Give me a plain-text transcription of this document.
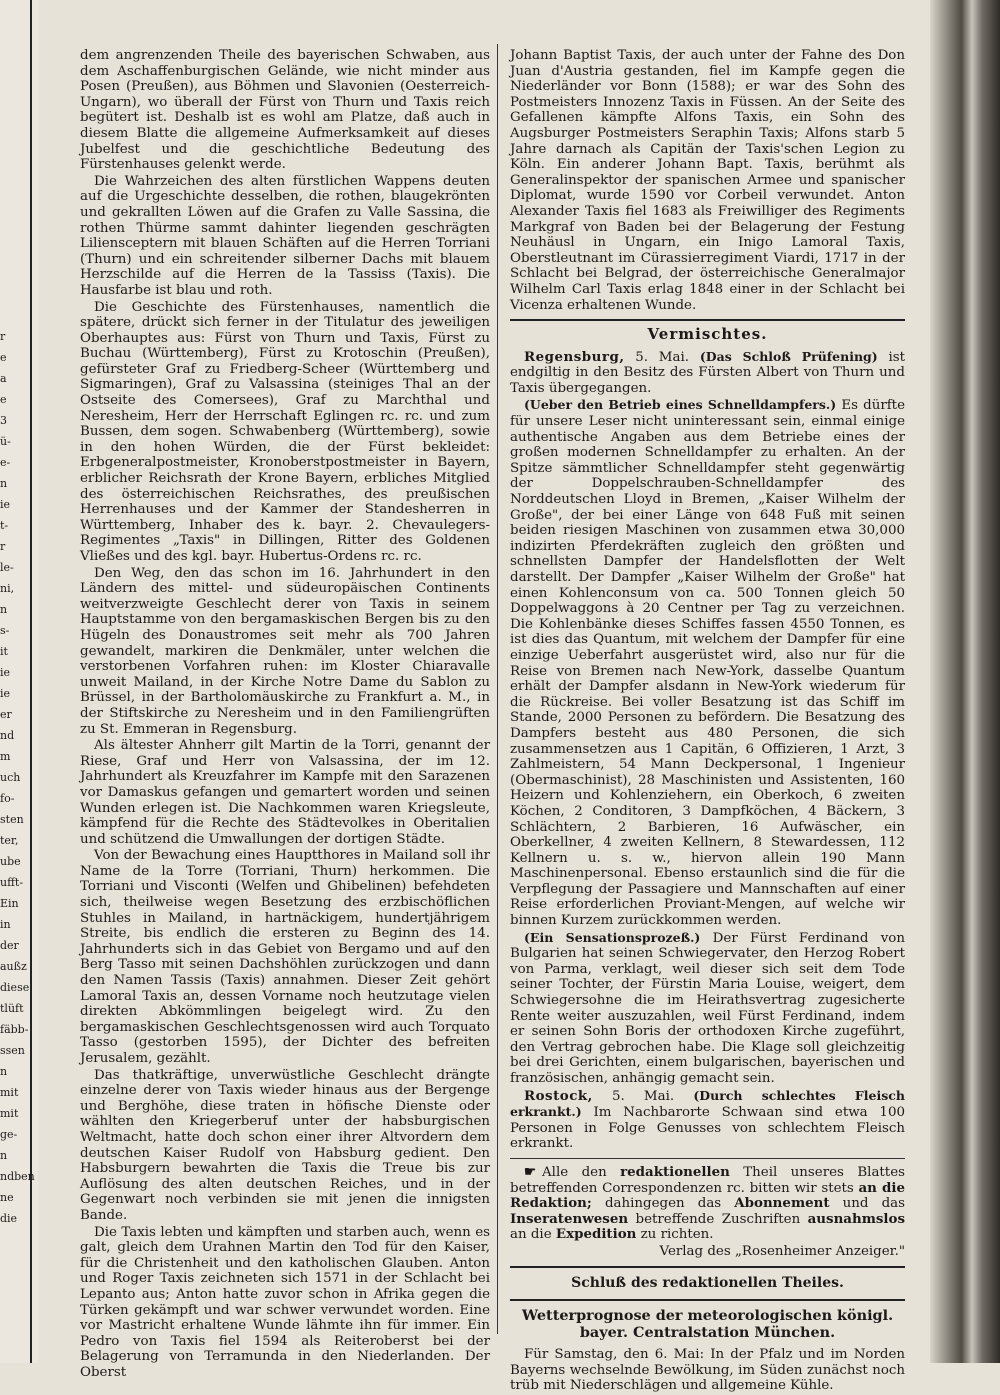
r
e
a
e
3
ü-
e-
n
ie
t-
r
le-
ni,
n
s-
it
ie
ie
er
nd
m
uch
fo-
sten
ter,
ube
ufft-
Ein
in
der
außz
diese
tlüft
fäbb-
ssen
n
mit
mit
ge-
n
ndben
ne
die

dem angrenzenden Theile des bayerischen Schwaben, aus dem Aschaffenburgischen Gelände, wie nicht minder aus Posen (Preußen), aus Böhmen und Slavonien (Oesterreich-Ungarn), wo überall der Fürst von Thurn und Taxis reich begütert ist. Deshalb ist es wohl am Platze, daß auch in diesem Blatte die allgemeine Aufmerksamkeit auf dieses Jubelfest und die geschichtliche Bedeutung des Fürstenhauses gelenkt werde.

Die Wahrzeichen des alten fürstlichen Wappens deuten auf die Urgeschichte desselben, die rothen, blaugekrönten und gekrallten Löwen auf die Grafen zu Valle Sassina, die rothen Thürme sammt dahinter liegenden geschrägten Liliensceptern mit blauen Schäften auf die Herren Torriani (Thurn) und ein schreitender silberner Dachs mit blauem Herzschilde auf die Herren de la Tassiss (Taxis). Die Hausfarbe ist blau und roth.

Die Geschichte des Fürstenhauses, namentlich die spätere, drückt sich ferner in der Titulatur des jeweiligen Oberhauptes aus: Fürst von Thurn und Taxis, Fürst zu Buchau (Württemberg), Fürst zu Krotoschin (Preußen), gefürsteter Graf zu Friedberg-Scheer (Württemberg und Sigmaringen), Graf zu Valsassina (steiniges Thal an der Ostseite des Comersees), Graf zu Marchthal und Neresheim, Herr der Herrschaft Eglingen rc. rc. und zum Bussen, dem sogen. Schwabenberg (Württemberg), sowie in den hohen Würden, die der Fürst bekleidet: Erbgeneralpostmeister, Kronoberstpostmeister in Bayern, erblicher Reichsrath der Krone Bayern, erbliches Mitglied des österreichischen Reichsrathes, des preußischen Herrenhauses und der Kammer der Standesherren in Württemberg, Inhaber des k. bayr. 2. Chevaulegers-Regimentes „Taxis" in Dillingen, Ritter des Goldenen Vließes und des kgl. bayr. Hubertus-Ordens rc. rc.

Den Weg, den das schon im 16. Jahrhundert in den Ländern des mittel- und südeuropäischen Continents weitverzweigte Geschlecht derer von Taxis in seinem Hauptstamme von den bergamaskischen Bergen bis zu den Hügeln des Donaustromes seit mehr als 700 Jahren gewandelt, markiren die Denkmäler, unter welchen die verstorbenen Vorfahren ruhen: im Kloster Chiaravalle unweit Mailand, in der Kirche Notre Dame du Sablon zu Brüssel, in der Bartholomäuskirche zu Frankfurt a. M., in der Stiftskirche zu Neresheim und in den Familiengrüften zu St. Emmeran in Regensburg.

Als ältester Ahnherr gilt Martin de la Torri, genannt der Riese, Graf und Herr von Valsassina, der im 12. Jahrhundert als Kreuzfahrer im Kampfe mit den Sarazenen vor Damaskus gefangen und gemartert worden und seinen Wunden erlegen ist. Die Nachkommen waren Kriegsleute, kämpfend für die Rechte des Städtevolkes in Oberitalien und schützend die Umwallungen der dortigen Städte.

Von der Bewachung eines Hauptthores in Mailand soll ihr Name de la Torre (Torriani, Thurn) herkommen. Die Torriani und Visconti (Welfen und Ghibelinen) befehdeten sich, theilweise wegen Besetzung des erzbischöflichen Stuhles in Mailand, in hartnäckigem, hundertjährigem Streite, bis endlich die ersteren zu Beginn des 14. Jahrhunderts sich in das Gebiet von Bergamo und auf den Berg Tasso mit seinen Dachshöhlen zurückzogen und dann den Namen Tassis (Taxis) annahmen. Dieser Zeit gehört Lamoral Taxis an, dessen Vorname noch heutzutage vielen direkten Abkömmlingen beigelegt wird. Zu den bergamaskischen Geschlechtsgenossen wird auch Torquato Tasso (gestorben 1595), der Dichter des befreiten Jerusalem, gezählt.

Das thatkräftige, unverwüstliche Geschlecht drängte einzelne derer von Taxis wieder hinaus aus der Bergenge und Berghöhe, diese traten in höfische Dienste oder wählten den Kriegerberuf unter der habsburgischen Weltmacht, hatte doch schon einer ihrer Altvordern dem deutschen Kaiser Rudolf von Habsburg gedient. Den Habsburgern bewahrten die Taxis die Treue bis zur Auflösung des alten deutschen Reiches, und in der Gegenwart noch verbinden sie mit jenen die innigsten Bande.

Die Taxis lebten und kämpften und starben auch, wenn es galt, gleich dem Urahnen Martin den Tod für den Kaiser, für die Christenheit und den katholischen Glauben. Anton und Roger Taxis zeichneten sich 1571 in der Schlacht bei Lepanto aus; Anton hatte zuvor schon in Afrika gegen die Türken gekämpft und war schwer verwundet worden. Eine vor Mastricht erhaltene Wunde lähmte ihn für immer. Ein Pedro von Taxis fiel 1594 als Reiteroberst bei der Belagerung von Terramunda in den Niederlanden. Der Oberst

Johann Baptist Taxis, der auch unter der Fahne des Don Juan d'Austria gestanden, fiel im Kampfe gegen die Niederländer vor Bonn (1588); er war des Sohn des Postmeisters Innozenz Taxis in Füssen. An der Seite des Gefallenen kämpfte Alfons Taxis, ein Sohn des Augsburger Postmeisters Seraphin Taxis; Alfons starb 5 Jahre darnach als Capitän der Taxis'schen Legion zu Köln. Ein anderer Johann Bapt. Taxis, berühmt als Generalinspektor der spanischen Armee und spanischer Diplomat, wurde 1590 vor Corbeil verwundet. Anton Alexander Taxis fiel 1683 als Freiwilliger des Regiments Markgraf von Baden bei der Belagerung der Festung Neuhäusl in Ungarn, ein Inigo Lamoral Taxis, Oberstleutnant im Cürassierregiment Viardi, 1717 in der Schlacht bei Belgrad, der österreichische Generalmajor Wilhelm Carl Taxis erlag 1848 einer in der Schlacht bei Vicenza erhaltenen Wunde.

Vermischtes.

Regensburg, 5. Mai. (Das Schloß Prüfening) ist endgiltig in den Besitz des Fürsten Albert von Thurn und Taxis übergegangen.

(Ueber den Betrieb eines Schnelldampfers.) Es dürfte für unsere Leser nicht uninteressant sein, einmal einige authentische Angaben aus dem Betriebe eines der großen modernen Schnelldampfer zu erhalten. An der Spitze sämmtlicher Schnelldampfer steht gegenwärtig der Doppelschrauben-Schnelldampfer des Norddeutschen Lloyd in Bremen, „Kaiser Wilhelm der Große", der bei einer Länge von 648 Fuß mit seinen beiden riesigen Maschinen von zusammen etwa 30,000 indizirten Pferdekräften zugleich den größten und schnellsten Dampfer der Handelsflotten der Welt darstellt. Der Dampfer „Kaiser Wilhelm der Große" hat einen Kohlenconsum von ca. 500 Tonnen gleich 50 Doppelwaggons à 20 Centner per Tag zu verzeichnen. Die Kohlenbänke dieses Schiffes fassen 4550 Tonnen, es ist dies das Quantum, mit welchem der Dampfer für eine einzige Ueberfahrt ausgerüstet wird, also nur für die Reise von Bremen nach New-York, dasselbe Quantum erhält der Dampfer alsdann in New-York wiederum für die Rückreise. Bei voller Besatzung ist das Schiff im Stande, 2000 Personen zu befördern. Die Besatzung des Dampfers besteht aus 480 Personen, die sich zusammensetzen aus 1 Capitän, 6 Offizieren, 1 Arzt, 3 Zahlmeistern, 54 Mann Deckpersonal, 1 Ingenieur (Obermaschinist), 28 Maschinisten und Assistenten, 160 Heizern und Kohlenziehern, ein Oberkoch, 6 zweiten Köchen, 2 Conditoren, 3 Dampfköchen, 4 Bäckern, 3 Schlächtern, 2 Barbieren, 16 Aufwäscher, ein Oberkellner, 4 zweiten Kellnern, 8 Stewardessen, 112 Kellnern u. s. w., hiervon allein 190 Mann Maschinenpersonal. Ebenso erstaunlich sind die für die Verpflegung der Passagiere und Mannschaften auf einer Reise erforderlichen Proviant-Mengen, auf welche wir binnen Kurzem zurückkommen werden.

(Ein Sensationsprozeß.) Der Fürst Ferdinand von Bulgarien hat seinen Schwiegervater, den Herzog Robert von Parma, verklagt, weil dieser sich seit dem Tode seiner Tochter, der Fürstin Maria Louise, weigert, dem Schwiegersohne die im Heirathsvertrag zugesicherte Rente weiter auszuzahlen, weil Fürst Ferdinand, indem er seinen Sohn Boris der orthodoxen Kirche zugeführt, den Vertrag gebrochen habe. Die Klage soll gleichzeitig bei drei Gerichten, einem bulgarischen, bayerischen und französischen, anhängig gemacht sein.

Rostock, 5. Mai. (Durch schlechtes Fleisch erkrankt.) Im Nachbarorte Schwaan sind etwa 100 Personen in Folge Genusses von schlechtem Fleisch erkrankt.

☛ Alle den redaktionellen Theil unseres Blattes betreffenden Correspondenzen rc. bitten wir stets an die Redaktion; dahingegen das Abonnement und das Inseratenwesen betreffende Zuschriften ausnahmslos an die Expedition zu richten.

Verlag des „Rosenheimer Anzeiger."

Schluß des redaktionellen Theiles.
Wetterprognose der meteorologischen königl. bayer. Centralstation München.

Für Samstag, den 6. Mai: In der Pfalz und im Norden Bayerns wechselnde Bewölkung, im Süden zunächst noch trüb mit Niederschlägen und allgemeine Kühle.
